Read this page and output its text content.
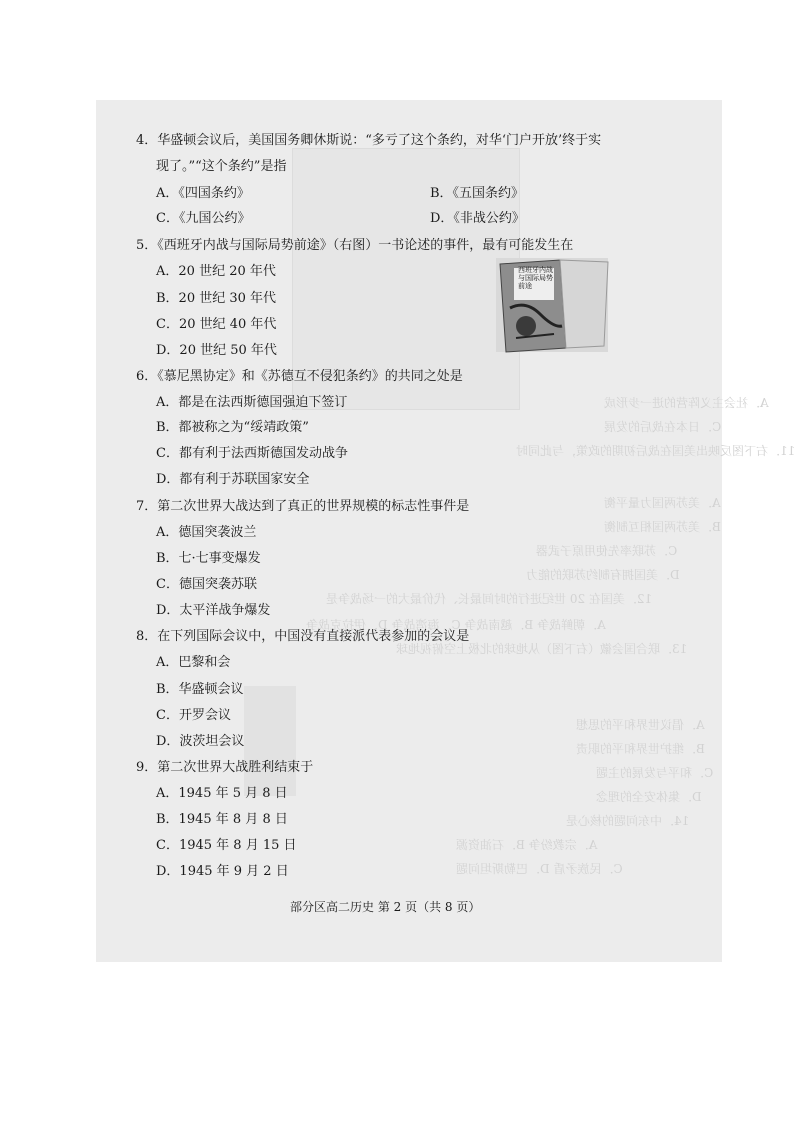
A．社会主义阵营的进一步形成
C．日本在战后的发展
11．右下图反映出美国在战后初期的政策，与此同时
A．美苏两国力量平衡
B．美苏两国相互制衡
C．苏联率先使用原子武器
D．美国拥有制约苏联的能力
12．美国在 20 世纪进行的时间最长、代价最大的一场战争是
A．朝鲜战争 B．越南战争 C．海湾战争 D．伊拉克战争
13．联合国会徽（右下图）从地球的北极上空俯视地球
A．倡议世界和平的思想
B．维护世界和平的职责
C．和平与发展的主题
D．集体安全的理念
14．中东问题的核心是
A．宗教纷争 B．石油资源
C．民族矛盾 D．巴勒斯坦问题
西班牙内战与国际局势前途
4．华盛顿会议后，美国国务卿休斯说：“多亏了这个条约，对华‘门户开放’终于实
现了。”“这个条约”是指
A．《四国条约》	B．《五国条约》
C．《九国公约》	D．《非战公约》
5．《西班牙内战与国际局势前途》（右图）一书论述的事件，最有可能发生在
A．20 世纪 20 年代
B．20 世纪 30 年代
C．20 世纪 40 年代
D．20 世纪 50 年代
6．《慕尼黑协定》和《苏德互不侵犯条约》的共同之处是
A．都是在法西斯德国强迫下签订
B．都被称之为“绥靖政策”
C．都有利于法西斯德国发动战争
D．都有利于苏联国家安全
7．第二次世界大战达到了真正的世界规模的标志性事件是
A．德国突袭波兰
B．七·七事变爆发
C．德国突袭苏联
D．太平洋战争爆发
8．在下列国际会议中，中国没有直接派代表参加的会议是
A．巴黎和会
B．华盛顿会议
C．开罗会议
D．波茨坦会议
9．第二次世界大战胜利结束于
A．1945 年 5 月 8 日
B．1945 年 8 月 8 日
C．1945 年 8 月 15 日
D．1945 年 9 月 2 日
部分区高二历史 第 2 页（共 8 页）
